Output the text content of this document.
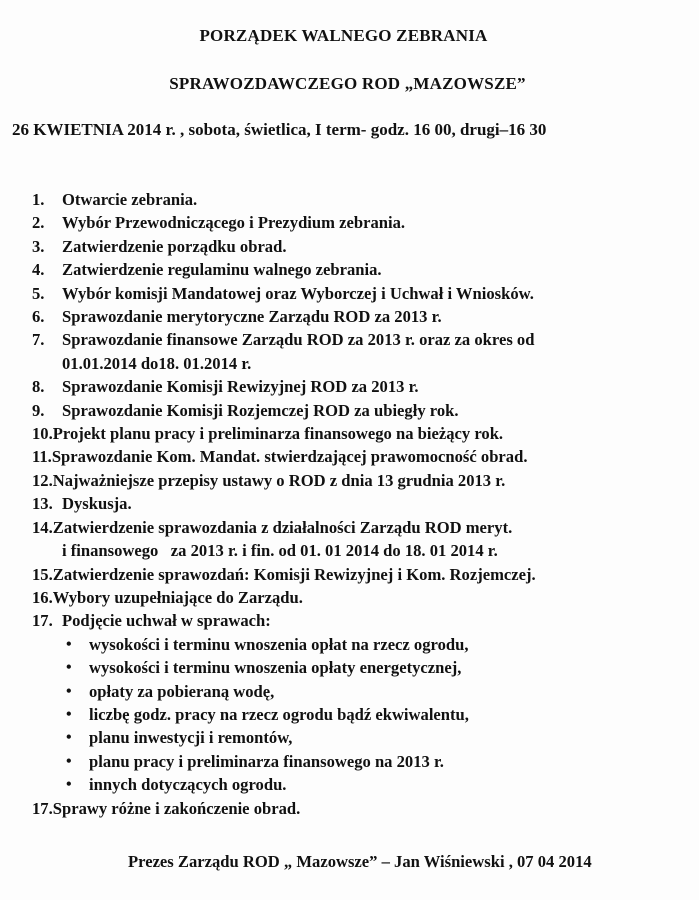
PORZĄDEK WALNEGO ZEBRANIA
SPRAWOZDAWCZEGO ROD „MAZOWSZE”
26 KWIETNIA 2014 r. , sobota, świetlica, I term- godz. 16 00, drugi–16 30
1.	Otwarcie zebrania.
2.	Wybór Przewodniczącego i Prezydium zebrania.
3.	Zatwierdzenie porządku obrad.
4.	Zatwierdzenie regulaminu walnego zebrania.
5.	Wybór komisji Mandatowej oraz Wyborczej i Uchwał i Wniosków.
6.	Sprawozdanie merytoryczne Zarządu ROD za 2013 r.
7.	Sprawozdanie finansowe Zarządu ROD za 2013 r. oraz za okres od
01.01.2014 do18. 01.2014 r.
8.	Sprawozdanie Komisji Rewizyjnej ROD za 2013 r.
9.	Sprawozdanie Komisji Rozjemczej ROD za ubiegły rok.
10. Projekt planu pracy i preliminarza finansowego na bieżący rok.
11. Sprawozdanie Kom. Mandat. stwierdzającej prawomocność obrad.
12. Najważniejsze przepisy ustawy o ROD z dnia 13 grudnia 2013 r.
13. Dyskusja.
14. Zatwierdzenie sprawozdania z działalności Zarządu ROD meryt.
i finansowego   za 2013 r. i fin. od 01. 01 2014 do 18. 01 2014 r.
15. Zatwierdzenie sprawozdań: Komisji Rewizyjnej i Kom. Rozjemczej.
16. Wybory uzupełniające do Zarządu.
17. Podjęcie uchwał w sprawach:
•	wysokości i terminu wnoszenia opłat na rzecz ogrodu,
•	wysokości i terminu wnoszenia opłaty energetycznej,
•	opłaty za pobieraną wodę,
•	liczbę godz. pracy na rzecz ogrodu bądź ekwiwalentu,
•	planu inwestycji i remontów,
•	planu pracy i preliminarza finansowego na 2013 r.
•	innych dotyczących ogrodu.
17. Sprawy różne i zakończenie obrad.
Prezes Zarządu ROD „ Mazowsze” – Jan Wiśniewski , 07 04 2014
